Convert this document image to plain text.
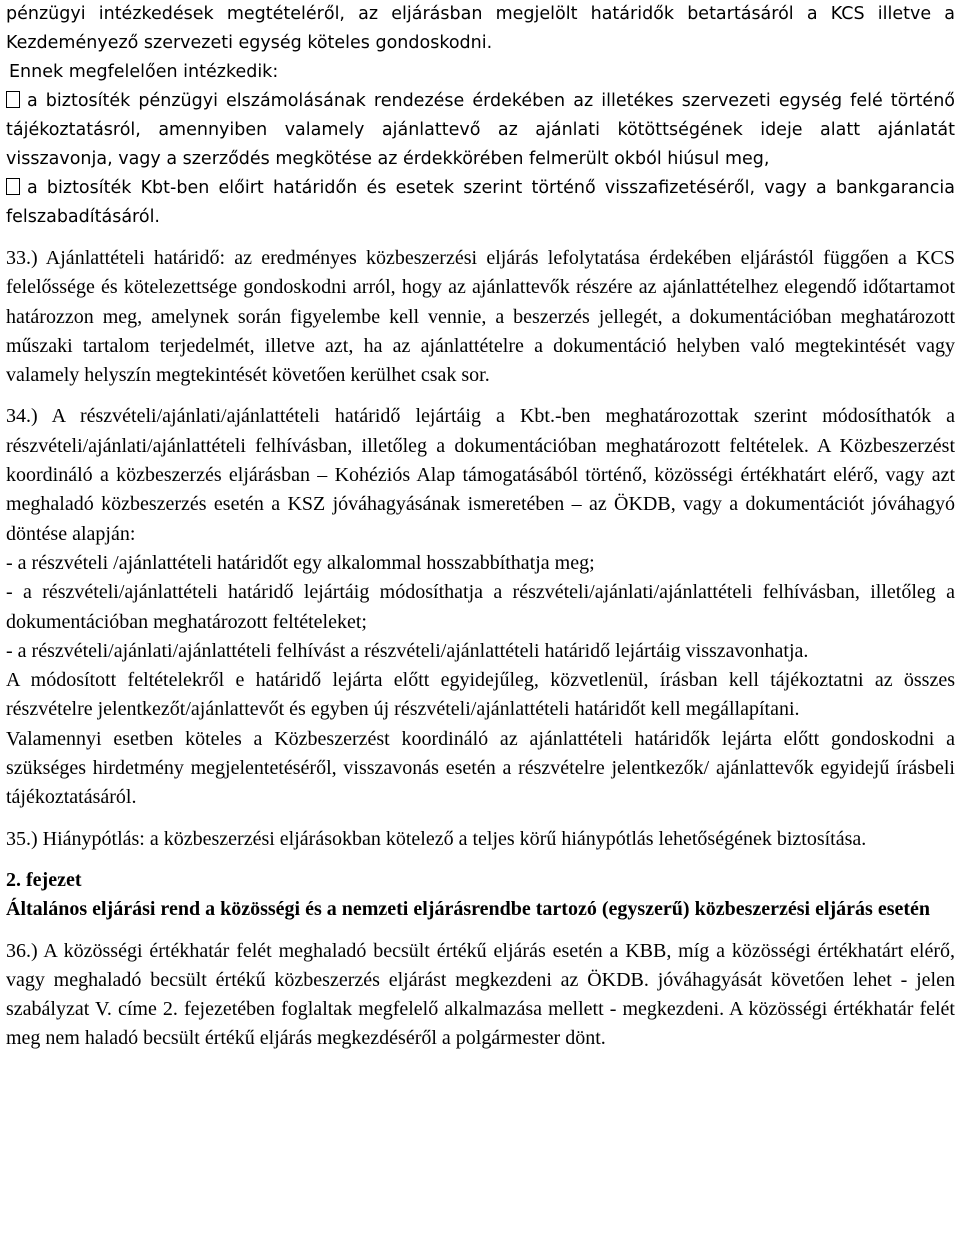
pénzügyi intézkedések megtételéről, az eljárásban megjelölt határidők betartásáról a KCS illetve a Kezdeményező szervezeti egység köteles gondoskodni.

Ennek megfelelően intézkedik:

a biztosíték pénzügyi elszámolásának rendezése érdekében az illetékes szervezeti egység felé történő tájékoztatásról, amennyiben valamely ajánlattevő az ajánlati kötöttségének ideje alatt ajánlatát visszavonja, vagy a szerződés megkötése az érdekkörében felmerült okból hiúsul meg,

a biztosíték Kbt-ben előirt határidőn és esetek szerint történő visszafizetéséről, vagy a bankgarancia felszabadításáról.

33.) Ajánlattételi határidő: az eredményes közbeszerzési eljárás lefolytatása érdekében eljárástól függően a KCS felelőssége és kötelezettsége gondoskodni arról, hogy az ajánlattevők részére az ajánlattételhez elegendő időtartamot határozzon meg, amelynek során figyelembe kell vennie, a beszerzés jellegét, a dokumentációban meghatározott műszaki tartalom terjedelmét, illetve azt, ha az ajánlattételre a dokumentáció helyben való megtekintését vagy valamely helyszín megtekintését követően kerülhet csak sor.

34.) A részvételi/ajánlati/ajánlattételi határidő lejártáig a Kbt.-ben meghatározottak szerint módosíthatók a részvételi/ajánlati/ajánlattételi felhívásban, illetőleg a dokumentációban meghatározott feltételek. A Közbeszerzést koordináló a közbeszerzés eljárásban – Kohéziós Alap támogatásából történő, közösségi értékhatárt elérő, vagy azt meghaladó közbeszerzés esetén a KSZ jóváhagyásának ismeretében – az ÖKDB, vagy a dokumentációt jóváhagyó döntése alapján:

- a részvételi /ajánlattételi határidőt egy alkalommal hosszabbíthatja meg;

- a részvételi/ajánlattételi határidő lejártáig módosíthatja a részvételi/ajánlati/ajánlattételi felhívásban, illetőleg a dokumentációban meghatározott feltételeket;

- a részvételi/ajánlati/ajánlattételi felhívást a részvételi/ajánlattételi határidő lejártáig visszavonhatja.

A módosított feltételekről e határidő lejárta előtt egyidejűleg, közvetlenül, írásban kell tájékoztatni az összes részvételre jelentkezőt/ajánlattevőt és egyben új részvételi/ajánlattételi határidőt kell megállapítani.

Valamennyi esetben köteles a Közbeszerzést koordináló az ajánlattételi határidők lejárta előtt gondoskodni a szükséges hirdetmény megjelentetéséről, visszavonás esetén a részvételre jelentkezők/ ajánlattevők egyidejű írásbeli tájékoztatásáról.

35.) Hiánypótlás: a közbeszerzési eljárásokban kötelező a teljes körű hiánypótlás lehetőségének biztosítása.

2. fejezet

Általános eljárási rend a közösségi és a nemzeti eljárásrendbe tartozó (egyszerű) közbeszerzési eljárás esetén

36.) A közösségi értékhatár felét meghaladó becsült értékű eljárás esetén a KBB, míg a közösségi értékhatárt elérő, vagy meghaladó becsült értékű közbeszerzés eljárást megkezdeni az ÖKDB. jóváhagyását követően lehet - jelen szabályzat V. címe 2. fejezetében foglaltak megfelelő alkalmazása mellett - megkezdeni. A közösségi értékhatár felét meg nem haladó becsült értékű eljárás megkezdéséről a polgármester dönt.
